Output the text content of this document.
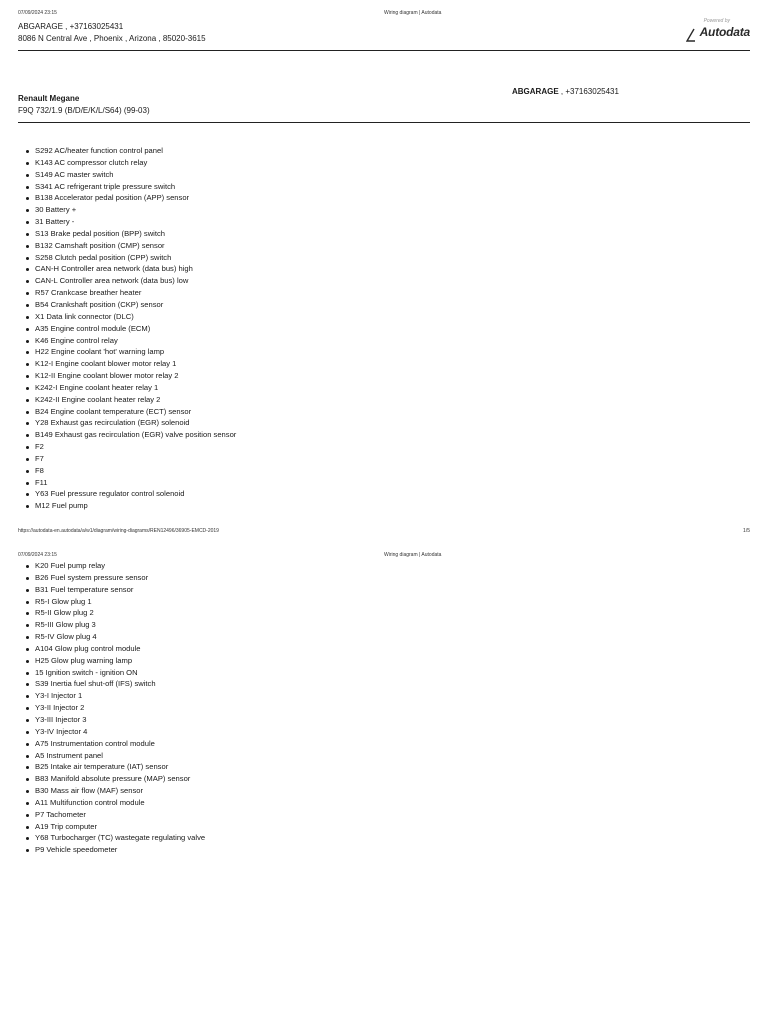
07/09/2024 23:15	Wiring diagram | Autodata
ABGARAGE , +37163025431
8086 N Central Ave , Phoenix , Arizona , 85020-3615
Powered by
Autodata
Renault Megane
F9Q 732/1.9 (B/D/E/K/L/S64) (99-03)
ABGARAGE , +37163025431
S292 AC/heater function control panel
K143 AC compressor clutch relay
S149 AC master switch
S341 AC refrigerant triple pressure switch
B138 Accelerator pedal position (APP) sensor
30 Battery +
31 Battery -
S13 Brake pedal position (BPP) switch
B132 Camshaft position (CMP) sensor
S258 Clutch pedal position (CPP) switch
CAN-H Controller area network (data bus) high
CAN-L Controller area network (data bus) low
R57 Crankcase breather heater
B54 Crankshaft position (CKP) sensor
X1 Data link connector (DLC)
A35 Engine control module (ECM)
K46 Engine control relay
H22 Engine coolant 'hot' warning lamp
K12-I Engine coolant blower motor relay 1
K12-II Engine coolant blower motor relay 2
K242-I Engine coolant heater relay 1
K242-II Engine coolant heater relay 2
B24 Engine coolant temperature (ECT) sensor
Y28 Exhaust gas recirculation (EGR) solenoid
B149 Exhaust gas recirculation (EGR) valve position sensor
F2
F7
F8
F11
Y63 Fuel pressure regulator control solenoid
M12 Fuel pump
https://autodata-en.autodata/a/w1/diagram/wiring-diagrams/REN12496/36905-EMCD-2019	1/5
07/09/2024 23:15	Wiring diagram | Autodata
K20 Fuel pump relay
B26 Fuel system pressure sensor
B31 Fuel temperature sensor
R5-I Glow plug 1
R5-II Glow plug 2
R5-III Glow plug 3
R5-IV Glow plug 4
A104 Glow plug control module
H25 Glow plug warning lamp
15 Ignition switch - ignition ON
S39 Inertia fuel shut-off (IFS) switch
Y3-I Injector 1
Y3-II Injector 2
Y3-III Injector 3
Y3-IV Injector 4
A75 Instrumentation control module
A5 Instrument panel
B25 Intake air temperature (IAT) sensor
B83 Manifold absolute pressure (MAP) sensor
B30 Mass air flow (MAF) sensor
A11 Multifunction control module
P7 Tachometer
A19 Trip computer
Y68 Turbocharger (TC) wastegate regulating valve
P9 Vehicle speedometer
